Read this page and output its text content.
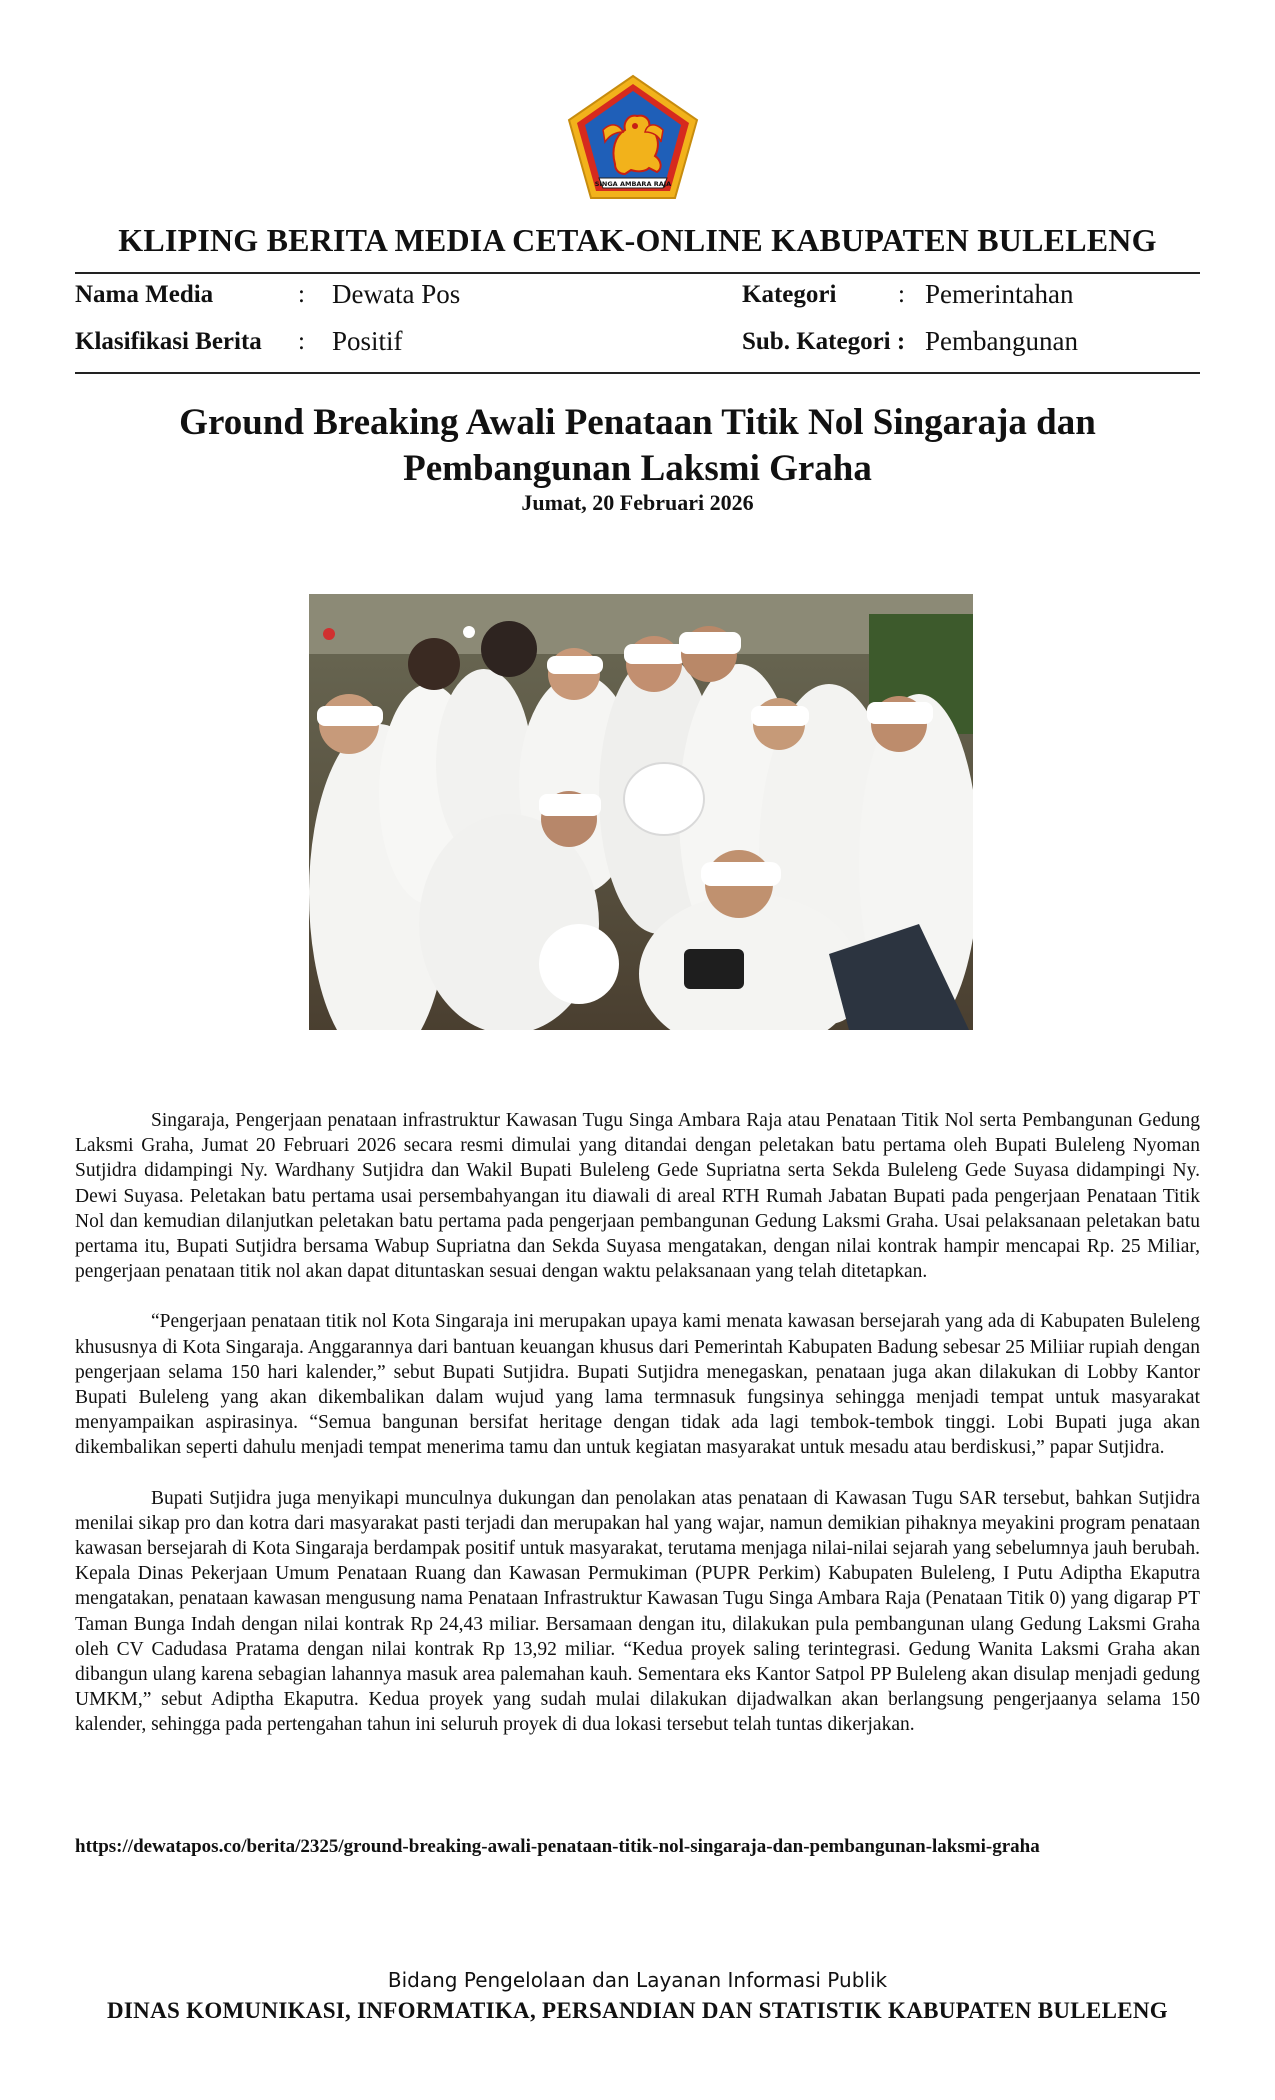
SINGA AMBARA RAJA
KLIPING BERITA MEDIA CETAK-ONLINE KABUPATEN BULELENG
Nama Media	: Dewata Pos	Kategori : Pemerintahan
Klasifikasi Berita : Positif	Sub. Kategori : Pembangunan
Ground Breaking Awali Penataan Titik Nol Singaraja dan Pembangunan Laksmi Graha
Jumat, 20 Februari 2026

Singaraja, Pengerjaan penataan infrastruktur Kawasan Tugu Singa Ambara Raja atau Penataan Titik Nol serta Pembangunan Gedung Laksmi Graha, Jumat 20 Februari 2026 secara resmi dimulai yang ditandai dengan peletakan batu pertama oleh Bupati Buleleng Nyoman Sutjidra didampingi Ny. Wardhany Sutjidra dan Wakil Bupati Buleleng Gede Supriatna serta Sekda Buleleng Gede Suyasa didampingi Ny. Dewi Suyasa. Peletakan batu pertama usai persembahyangan itu diawali di areal RTH Rumah Jabatan Bupati pada pengerjaan Penataan Titik Nol dan kemudian dilanjutkan peletakan batu pertama pada pengerjaan pembangunan Gedung Laksmi Graha. Usai pelaksanaan peletakan batu pertama itu, Bupati Sutjidra bersama Wabup Supriatna dan Sekda Suyasa mengatakan, dengan nilai kontrak hampir mencapai Rp. 25 Miliar, pengerjaan penataan titik nol akan dapat dituntaskan sesuai dengan waktu pelaksanaan yang telah ditetapkan.

“Pengerjaan penataan titik nol Kota Singaraja ini merupakan upaya kami menata kawasan bersejarah yang ada di Kabupaten Buleleng khususnya di Kota Singaraja. Anggarannya dari bantuan keuangan khusus dari Pemerintah Kabupaten Badung sebesar 25 Miliiar rupiah dengan pengerjaan selama 150 hari kalender,” sebut Bupati Sutjidra. Bupati Sutjidra menegaskan, penataan juga akan dilakukan di Lobby Kantor Bupati Buleleng yang akan dikembalikan dalam wujud yang lama termnasuk fungsinya sehingga menjadi tempat untuk masyarakat menyampaikan aspirasinya. “Semua bangunan bersifat heritage dengan tidak ada lagi tembok-tembok tinggi. Lobi Bupati juga akan dikembalikan seperti dahulu menjadi tempat menerima tamu dan untuk kegiatan masyarakat untuk mesadu atau berdiskusi,” papar Sutjidra.

Bupati Sutjidra juga menyikapi munculnya dukungan dan penolakan atas penataan di Kawasan Tugu SAR tersebut, bahkan Sutjidra menilai sikap pro dan kotra dari masyarakat pasti terjadi dan merupakan hal yang wajar, namun demikian pihaknya meyakini program penataan kawasan bersejarah di Kota Singaraja berdampak positif untuk masyarakat, terutama menjaga nilai-nilai sejarah yang sebelumnya jauh berubah. Kepala Dinas Pekerjaan Umum Penataan Ruang dan Kawasan Permukiman (PUPR Perkim) Kabupaten Buleleng, I Putu Adiptha Ekaputra mengatakan, penataan kawasan mengusung nama Penataan Infrastruktur Kawasan Tugu Singa Ambara Raja (Penataan Titik 0) yang digarap PT Taman Bunga Indah dengan nilai kontrak Rp 24,43 miliar. Bersamaan dengan itu, dilakukan pula pembangunan ulang Gedung Laksmi Graha oleh CV Cadudasa Pratama dengan nilai kontrak Rp 13,92 miliar. “Kedua proyek saling terintegrasi. Gedung Wanita Laksmi Graha akan dibangun ulang karena sebagian lahannya masuk area palemahan kauh. Sementara eks Kantor Satpol PP Buleleng akan disulap menjadi gedung UMKM,” sebut Adiptha Ekaputra. Kedua proyek yang sudah mulai dilakukan dijadwalkan akan berlangsung pengerjaanya selama 150 kalender, sehingga pada pertengahan tahun ini seluruh proyek di dua lokasi tersebut telah tuntas dikerjakan.

https://dewatapos.co/berita/2325/ground-breaking-awali-penataan-titik-nol-singaraja-dan-pembangunan-laksmi-graha
Bidang Pengelolaan dan Layanan Informasi Publik
DINAS KOMUNIKASI, INFORMATIKA, PERSANDIAN DAN STATISTIK KABUPATEN BULELENG
